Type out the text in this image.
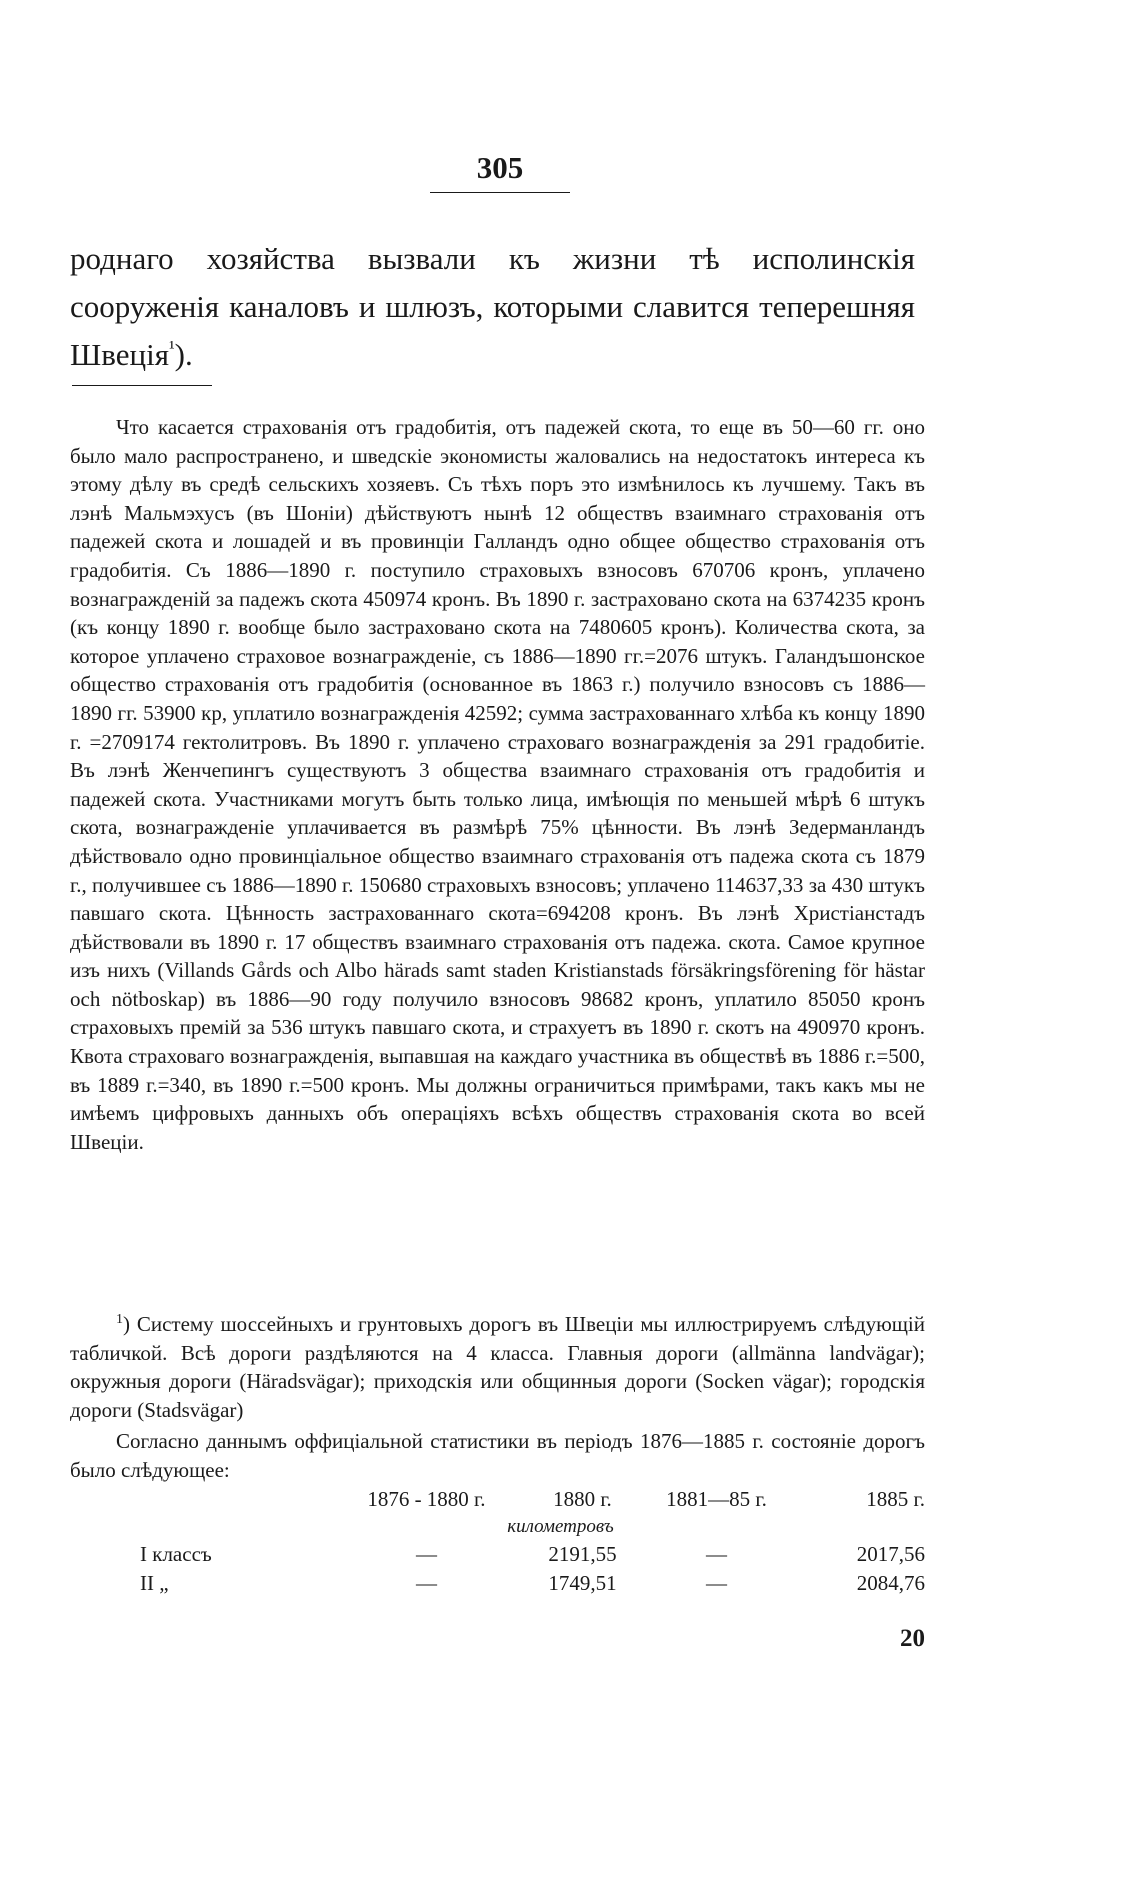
305

роднаго хозяйства вызвали къ жизни тѣ исполинскія сооруженія каналовъ и шлюзъ, которыми славится теперешняя Швеція$^{^1}$).

Что касается страхованія отъ градобитія, отъ падежей скота, то еще въ 50—60 гг. оно было мало распространено, и шведскіе экономисты жаловались на недостатокъ интереса къ этому дѣлу въ средѣ сельскихъ хозяевъ. Съ тѣхъ поръ это измѣнилось къ лучшему. Такъ въ лэнѣ Мальмэхусъ (въ Шоніи) дѣйствуютъ нынѣ 12 обществъ взаимнаго страхованія отъ падежей скота и лошадей и въ провинціи Галландъ одно общее общество страхованія отъ градобитія. Съ 1886—1890 г. поступило страховыхъ взносовъ 670706 кронъ, уплачено вознагражденій за падежъ скота 450974 кронъ. Въ 1890 г. застраховано скота на 6374235 кронъ (къ концу 1890 г. вообще было застраховано скота на 7480605 кронъ). Количества скота, за которое уплачено страховое вознагражденіе, съ 1886—1890 гг.=2076 штукъ. Галандъшонское общество страхованія отъ градобитія (основанное въ 1863 г.) получило взносовъ съ 1886—1890 гг. 53900 кр, уплатило вознагражденія 42592; сумма застрахованнаго хлѣба къ концу 1890 г. =2709174 гектолитровъ. Въ 1890 г. уплачено страховаго вознагражденія за 291 градобитіе. Въ лэнѣ Женчепингъ существуютъ 3 общества взаимнаго страхованія отъ градобитія и падежей скота. Участниками могутъ быть только лица, имѣющія по меньшей мѣрѣ 6 штукъ скота, вознагражденіе уплачивается въ размѣрѣ 75% цѣнности. Въ лэнѣ Зедерманландъ дѣйствовало одно провинціальное общество взаимнаго страхованія отъ падежа скота съ 1879 г., получившее съ 1886—1890 г. 150680 страховыхъ взносовъ; уплачено 114637,33 за 430 штукъ павшаго скота. Цѣнность застрахованнаго скота=694208 кронъ. Въ лэнѣ Христіанстадъ дѣйствовали въ 1890 г. 17 обществъ взаимнаго страхованія отъ падежа. скота. Самое крупное изъ нихъ (Villands Gårds och Albo härads samt staden Kristianstads försäkringsförening för hästar och nötboskap) въ 1886—90 году получило взносовъ 98682 кронъ, уплатило 85050 кронъ страховыхъ премій за 536 штукъ павшаго скота, и страхуетъ въ 1890 г. скотъ на 490970 кронъ. Квота страховаго вознагражденія, выпавшая на каждаго участника въ обществѣ въ 1886 г.=500, въ 1889 г.=340, въ 1890 г.=500 кронъ. Мы должны ограничиться примѣрами, такъ какъ мы не имѣемъ цифровыхъ данныхъ объ операціяхъ всѣхъ обществъ страхованія скота во всей Швеціи.

$^1$) Систему шоссейныхъ и грунтовыхъ дорогъ въ Швеціи мы иллюстрируемъ слѣдующій табличкой. Всѣ дороги раздѣляются на 4 класса. Главныя дороги (allmänna landvägar); окружныя дороги (Häradsvägar); приходскія или общинныя дороги (Socken vägar); городскія дороги (Stadsvägar)

Согласно даннымъ оффиціальной статистики въ періодъ 1876—1885 г. состояніе дорогъ было слѣдующее:

	1876 - 1880 г.	1880 г.	1881—85 г.	1885 г.
	километровъ			
I классъ	—	2191,55	—	2017,56
II „	—	1749,51	—	2084,76
20
